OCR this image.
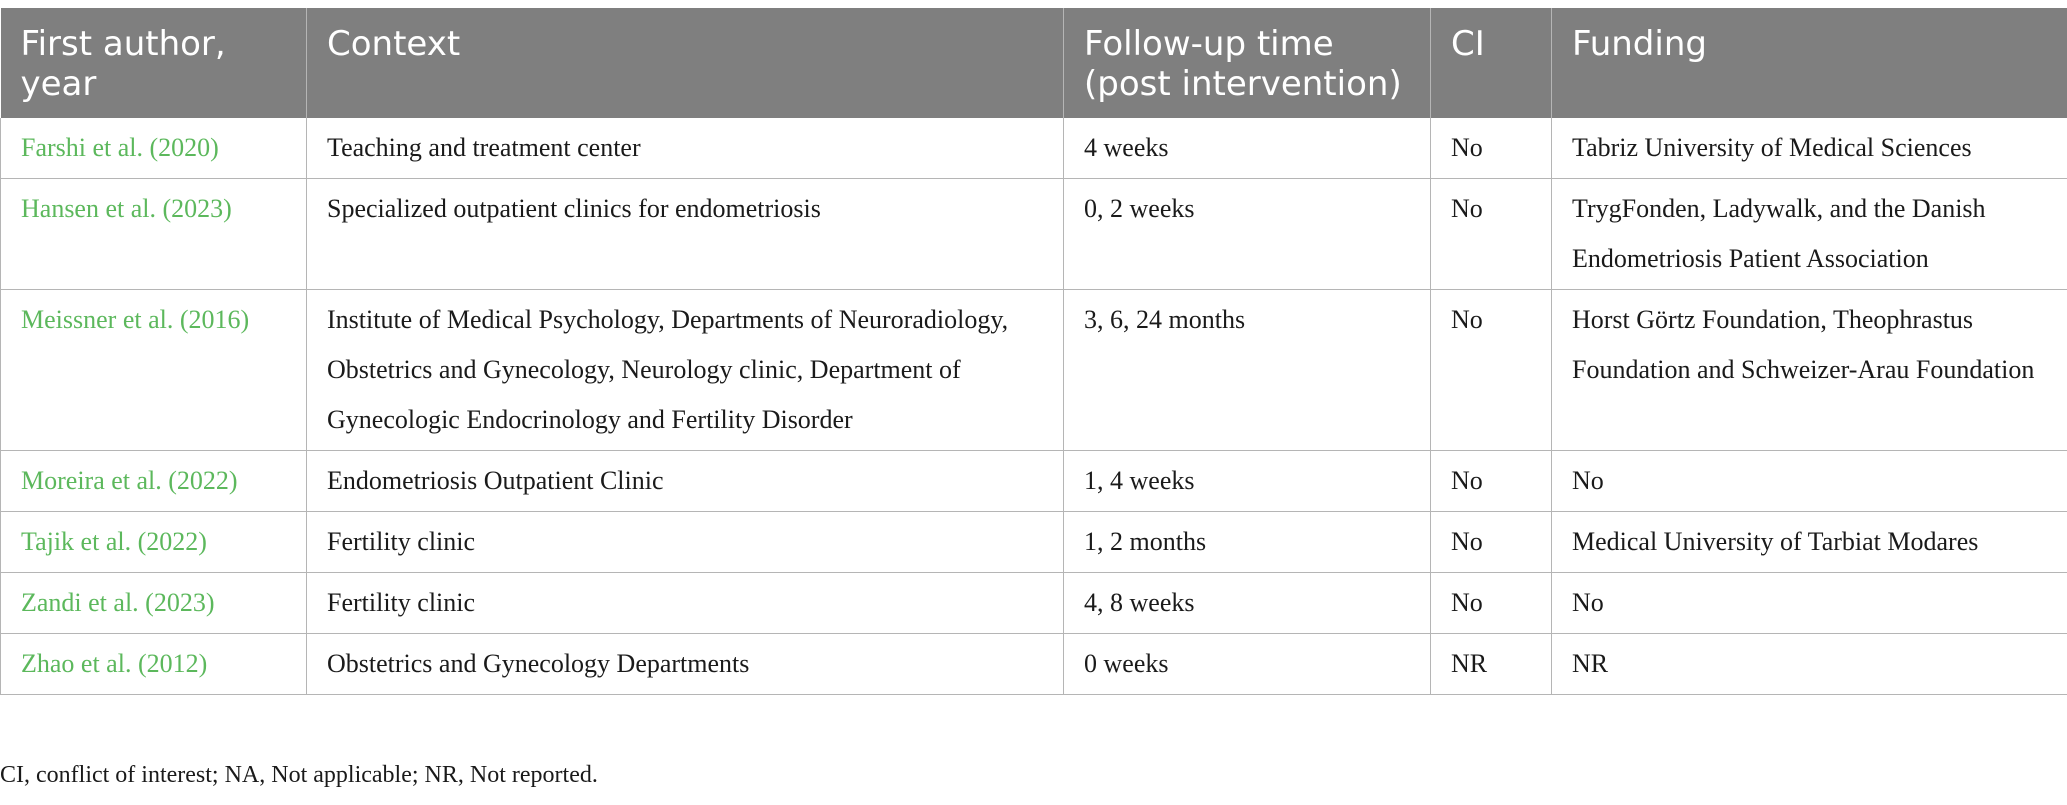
First author, year	Context	Follow-up time (post intervention)	CI	Funding
Farshi et al. (2020)	Teaching and treatment center	4 weeks	No	Tabriz University of Medical Sciences
Hansen et al. (2023)	Specialized outpatient clinics for endometriosis	0, 2 weeks	No	TrygFonden, Ladywalk, and the Danish Endometriosis Patient Association
Meissner et al. (2016)	Institute of Medical Psychology, Departments of Neuroradiology, Obstetrics and Gynecology, Neurology clinic, Department of Gynecologic Endocrinology and Fertility Disorder	3, 6, 24 months	No	Horst Görtz Foundation, Theophrastus Foundation and Schweizer-Arau Foundation
Moreira et al. (2022)	Endometriosis Outpatient Clinic	1, 4 weeks	No	No
Tajik et al. (2022)	Fertility clinic	1, 2 months	No	Medical University of Tarbiat Modares
Zandi et al. (2023)	Fertility clinic	4, 8 weeks	No	No
Zhao et al. (2012)	Obstetrics and Gynecology Departments	0 weeks	NR	NR
CI, conflict of interest; NA, Not applicable; NR, Not reported.
